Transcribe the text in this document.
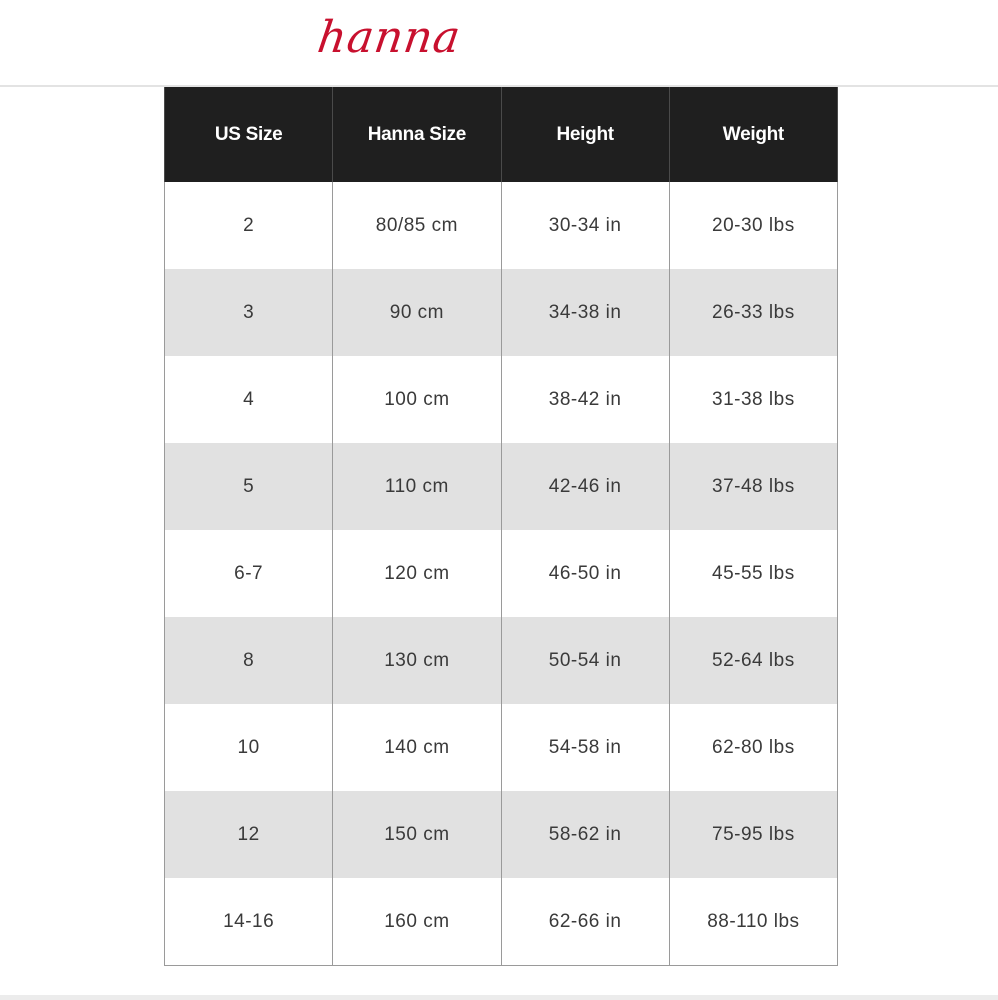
hanna
US Size	Hanna Size	Height	Weight
2	80/85 cm	30-34 in	20-30 lbs
3	90 cm	34-38 in	26-33 lbs
4	100 cm	38-42 in	31-38 lbs
5	110 cm	42-46 in	37-48 lbs
6-7	120 cm	46-50 in	45-55 lbs
8	130 cm	50-54 in	52-64 lbs
10	140 cm	54-58 in	62-80 lbs
12	150 cm	58-62 in	75-95 lbs
14-16	160 cm	62-66 in	88-110 lbs
